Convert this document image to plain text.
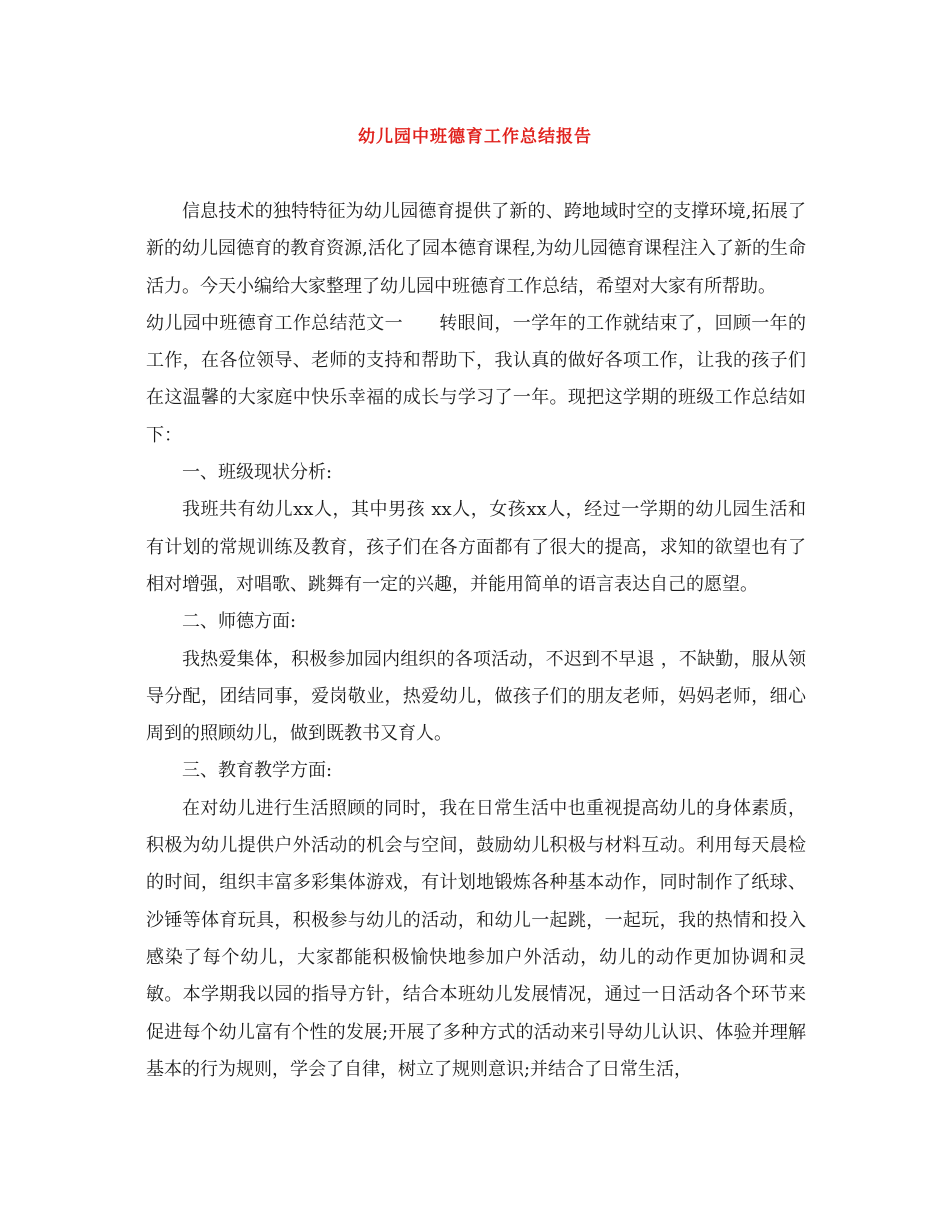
幼儿园中班德育工作总结报告

信息技术的独特特征为幼儿园德育提供了新的、跨地域时空的支撑环境,拓展了新的幼儿园德育的教育资源,活化了园本德育课程,为幼儿园德育课程注入了新的生命活力。今天小编给大家整理了幼儿园中班德育工作总结，希望对大家有所帮助。

幼儿园中班德育工作总结范文一 转眼间，一学年的工作就结束了，回顾一年的工作，在各位领导、老师的支持和帮助下，我认真的做好各项工作，让我的孩子们在这温馨的大家庭中快乐幸福的成长与学习了一年。现把这学期的班级工作总结如下：

一、班级现状分析:

我班共有幼儿xx人，其中男孩 xx人，女孩xx人，经过一学期的幼儿园生活和有计划的常规训练及教育，孩子们在各方面都有了很大的提高，求知的欲望也有了相对增强，对唱歌、跳舞有一定的兴趣，并能用简单的语言表达自己的愿望。

二、师德方面:

我热爱集体，积极参加园内组织的各项活动，不迟到不早退 ，不缺勤，服从领导分配，团结同事，爱岗敬业，热爱幼儿，做孩子们的朋友老师，妈妈老师，细心周到的照顾幼儿，做到既教书又育人。

三、教育教学方面:

在对幼儿进行生活照顾的同时，我在日常生活中也重视提高幼儿的身体素质，积极为幼儿提供户外活动的机会与空间，鼓励幼儿积极与材料互动。利用每天晨检的时间，组织丰富多彩集体游戏，有计划地锻炼各种基本动作，同时制作了纸球、沙锤等体育玩具，积极参与幼儿的活动，和幼儿一起跳，一起玩，我的热情和投入感染了每个幼儿，大家都能积极愉快地参加户外活动，幼儿的动作更加协调和灵敏。本学期我以园的指导方针，结合本班幼儿发展情况，通过一日活动各个环节来促进每个幼儿富有个性的发展;开展了多种方式的活动来引导幼儿认识、体验并理解基本的行为规则，学会了自律，树立了规则意识;并结合了日常生活，
